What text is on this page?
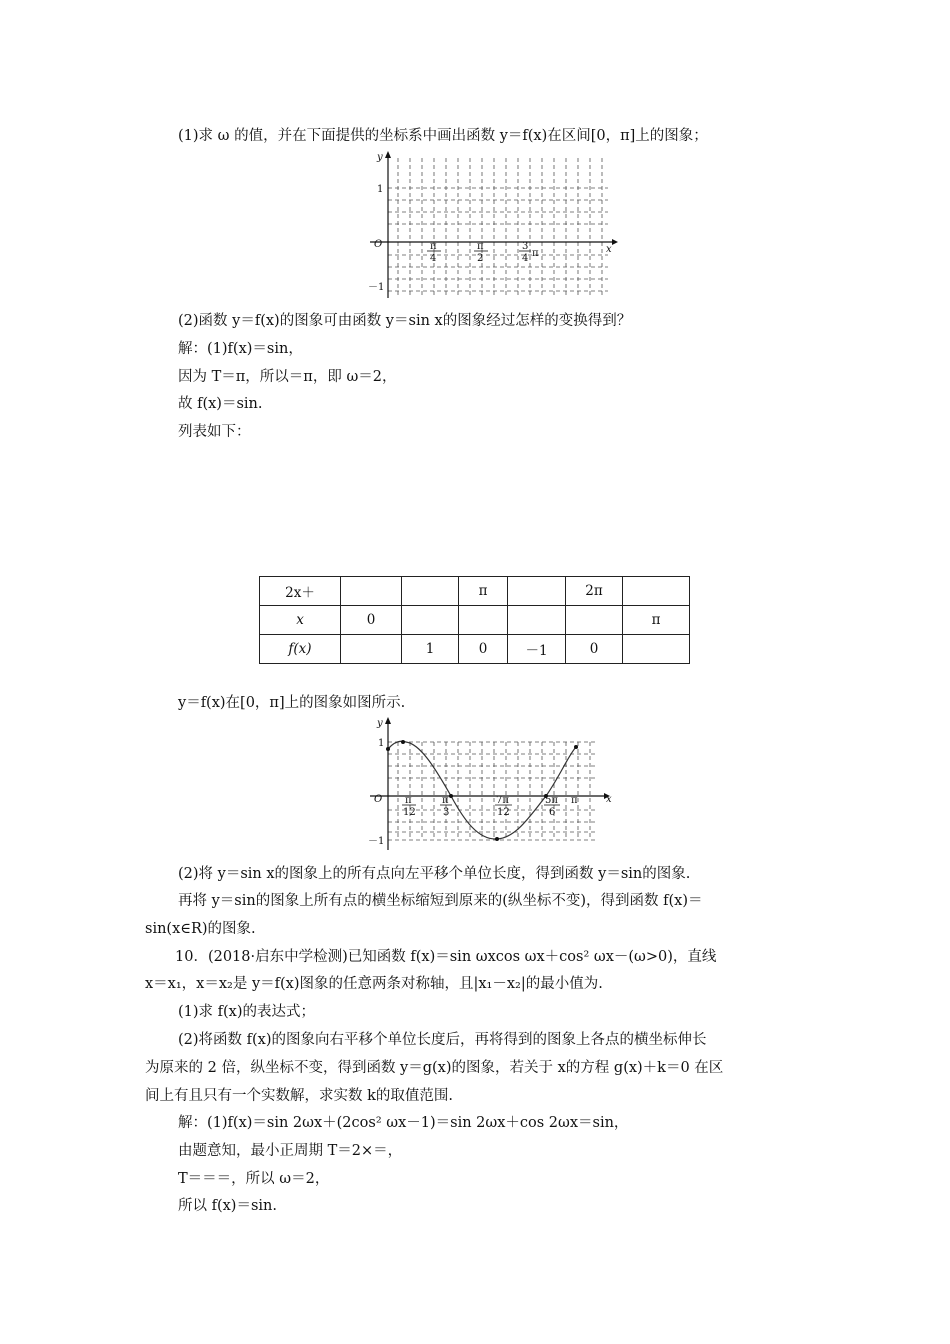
(1)求 ω 的值，并在下面提供的坐标系中画出函数 y＝f(x)在区间[0，π]上的图象；
y
x
O
1
－1
π
4
π
2
3
4 π
(2)函数 y＝f(x)的图象可由函数 y＝sin x的图象经过怎样的变换得到？
解：(1)f(x)＝sin，
因为 T＝π，所以＝π，即 ω＝2，
故 f(x)＝sin.
列表如下：
2x＋			π		2π	
x	0					π
f(x)		1	0	－1	0	
y＝f(x)在[0，π]上的图象如图所示.
y
x
O
1
－1
π
12
π
3
7π
12
5π
6
π
(2)将 y＝sin x的图象上的所有点向左平移个单位长度，得到函数 y＝sin的图象.
再将 y＝sin的图象上所有点的横坐标缩短到原来的(纵坐标不变)，得到函数 f(x)＝
sin(x∈R)的图象.
10．(2018·启东中学检测)已知函数 f(x)＝sin ωxcos ωx＋cos² ωx－(ω>0)，直线
x＝x₁，x＝x₂是 y＝f(x)图象的任意两条对称轴，且|x₁－x₂|的最小值为.
(1)求 f(x)的表达式；
(2)将函数 f(x)的图象向右平移个单位长度后，再将得到的图象上各点的横坐标伸长
为原来的 2 倍，纵坐标不变，得到函数 y＝g(x)的图象，若关于 x的方程 g(x)＋k＝0 在区
间上有且只有一个实数解，求实数 k的取值范围.
解：(1)f(x)＝sin 2ωx＋(2cos² ωx－1)＝sin 2ωx＋cos 2ωx＝sin，
由题意知，最小正周期 T＝2×＝，
T＝＝＝，所以 ω＝2，
所以 f(x)＝sin.
